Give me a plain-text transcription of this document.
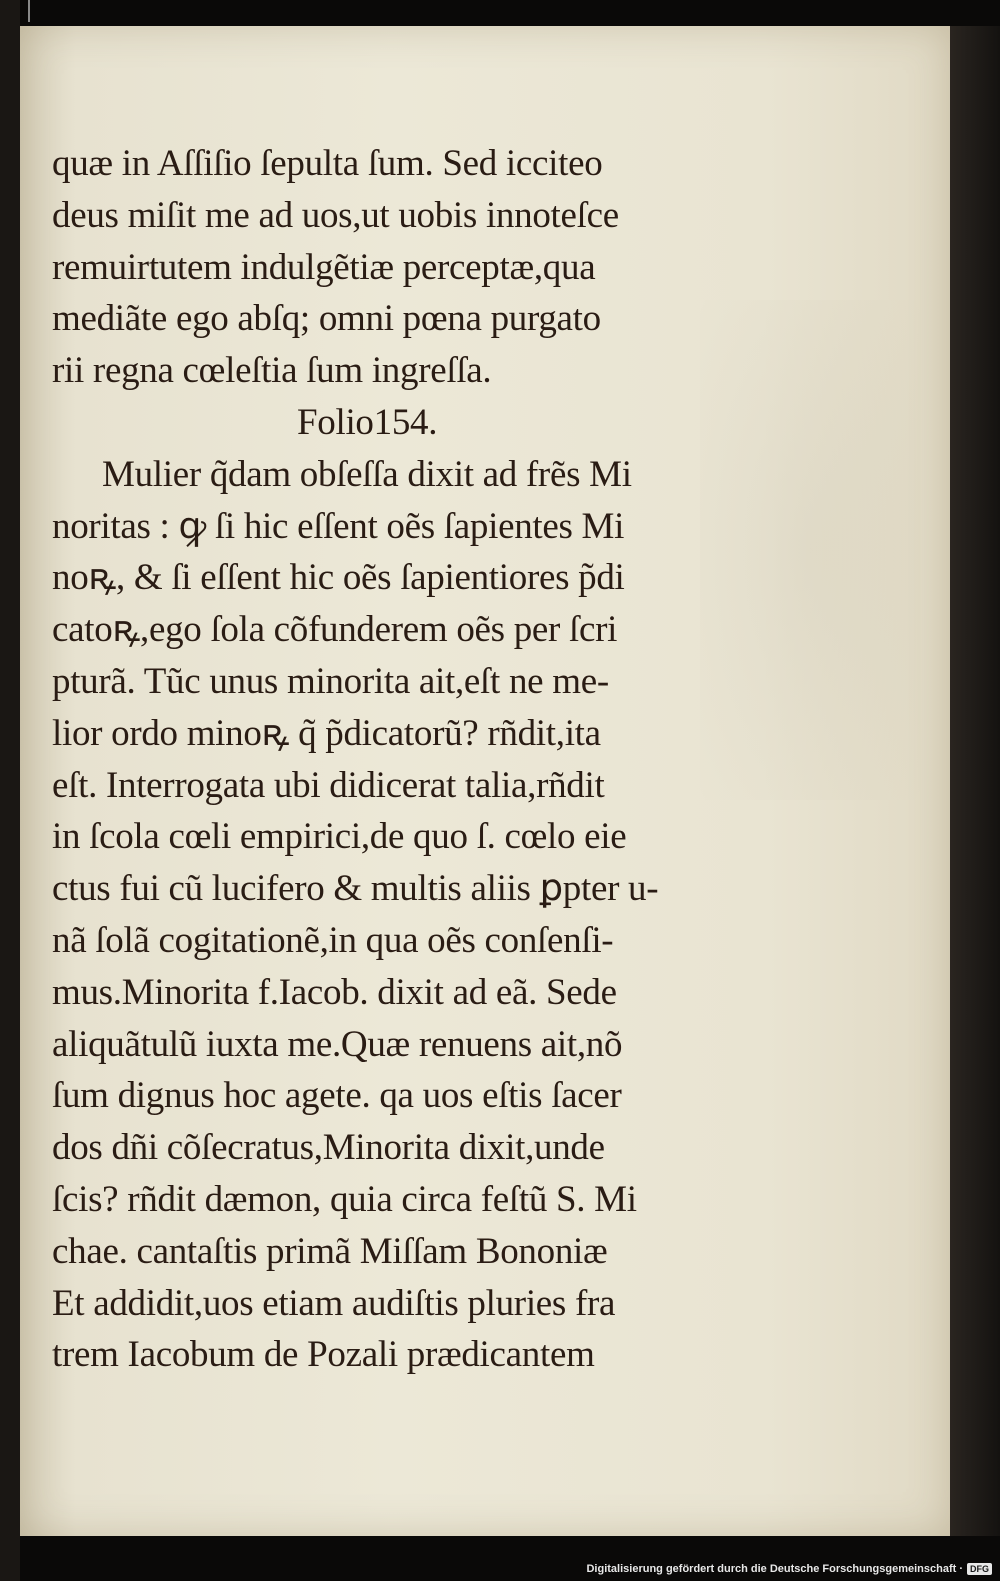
quæ in Aſſiſio ſepulta ſum. Sed icciteo
deus miſit me ad uos,ut uobis innoteſce
remuirtutem indulgẽtiæ perceptæ,qua
mediãte ego abſq; omni pœna purgato
rii regna cœleſtia ſum ingreſſa.
Folio154.
Mulier q̃dam obſeſſa dixit ad frẽs Mi
noritas : ꝙ ſi hic eſſent oẽs ſapientes Mi
noꝶ, & ſi eſſent hic oẽs ſapientiores p̃di
catoꝶ,ego ſola cõfunderem oẽs per ſcri
pturã. Tũc unus minorita ait,eſt ne me-
lior ordo minoꝶ q̃ p̃dicatorũ? rñdit,ita
eſt. Interrogata ubi didicerat talia,rñdit
in ſcola cœli empirici,de quo ſ. cœlo eie
ctus fui cũ lucifero & multis aliis ꝑpter u-
nã ſolã cogitationẽ,in qua oẽs conſenſi-
mus.Minorita f.Iacob. dixit ad eã. Sede
aliquãtulũ iuxta me.Quæ renuens ait,nõ
ſum dignus hoc agete. qa uos eſtis ſacer
dos dñi cõſecratus,Minorita dixit,unde
ſcis? rñdit dæmon, quia circa feſtũ S. Mi
chae. cantaſtis primã Miſſam Bononiæ
Et addidit,uos etiam audiſtis pluries fra
trem Iacobum de Pozali prædicantem
Digitalisierung gefördert durch die Deutsche Forschungsgemeinschaft · DFG
